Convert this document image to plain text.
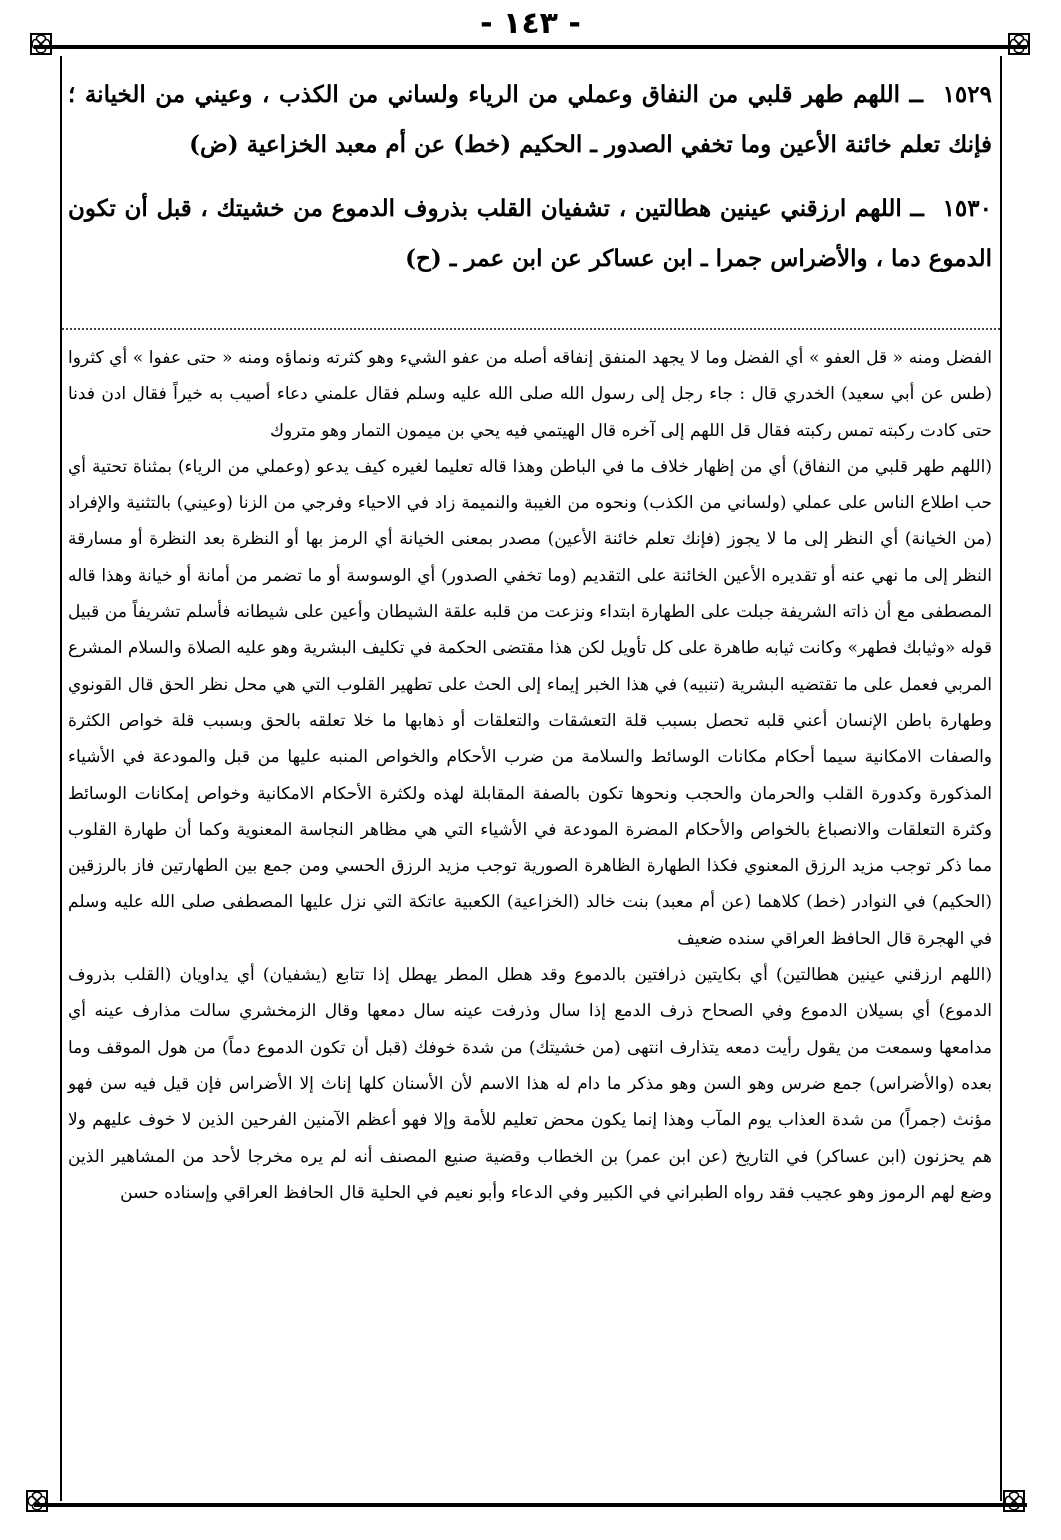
- ١٤٣ -

١٥٢٩ ــ اللهم طهر قلبي من النفاق وعملي من الرياء ولساني من الكذب ، وعيني من الخيانة ؛ فإنك تعلم خائنة الأعين وما تخفي الصدور ـ الحكيم (خط) عن أم معبد الخزاعية (ض)

١٥٣٠ ــ اللهم ارزقني عينين هطالتين ، تشفيان القلب بذروف الدموع من خشيتك ، قبل أن تكون الدموع دما ، والأضراس جمرا ـ ابن عساكر عن ابن عمر ـ (ح)

الفضل ومنه « قل العفو » أي الفضل وما لا يجهد المنفق إنفاقه أصله من عفو الشيء وهو كثرته ونماؤه ومنه « حتى عفوا » أي كثروا (طس عن أبي سعيد) الخدري قال : جاء رجل إلى رسول الله صلى الله عليه وسلم فقال علمني دعاء أصيب به خيراً فقال ادن فدنا حتى كادت ركبته تمس ركبته فقال قل اللهم إلى آخره قال الهيتمي فيه يحي بن ميمون التمار وهو متروك

(اللهم طهر قلبي من النفاق) أي من إظهار خلاف ما في الباطن وهذا قاله تعليما لغيره كيف يدعو (وعملي من الرياء) بمثناة تحتية أي حب اطلاع الناس على عملي (ولساني من الكذب) ونحوه من الغيبة والنميمة زاد في الاحياء وفرجي من الزنا (وعيني) بالتثنية والإفراد (من الخيانة) أي النظر إلى ما لا يجوز (فإنك تعلم خائنة الأعين) مصدر بمعنى الخيانة أي الرمز بها أو النظرة بعد النظرة أو مسارقة النظر إلى ما نهي عنه أو تقديره الأعين الخائنة على التقديم (وما تخفي الصدور) أي الوسوسة أو ما تضمر من أمانة أو خيانة وهذا قاله المصطفى مع أن ذاته الشريفة جبلت على الطهارة ابتداء ونزعت من قلبه علقة الشيطان وأعين على شيطانه فأسلم تشريفاً من قبيل قوله «وثيابك فطهر» وكانت ثيابه طاهرة على كل تأويل لكن هذا مقتضى الحكمة في تكليف البشرية وهو عليه الصلاة والسلام المشرع المربي فعمل على ما تقتضيه البشرية (تنبيه) في هذا الخبر إيماء إلى الحث على تطهير القلوب التي هي محل نظر الحق قال القونوي وطهارة باطن الإنسان أعني قلبه تحصل بسبب قلة التعشقات والتعلقات أو ذهابها ما خلا تعلقه بالحق وبسبب قلة خواص الكثرة والصفات الامكانية سيما أحكام مكانات الوسائط والسلامة من ضرب الأحكام والخواص المنبه عليها من قبل والمودعة في الأشياء المذكورة وكدورة القلب والحرمان والحجب ونحوها تكون بالصفة المقابلة لهذه ولكثرة الأحكام الامكانية وخواص إمكانات الوسائط وكثرة التعلقات والانصباغ بالخواص والأحكام المضرة المودعة في الأشياء التي هي مظاهر النجاسة المعنوية وكما أن طهارة القلوب مما ذكر توجب مزيد الرزق المعنوي فكذا الطهارة الظاهرة الصورية توجب مزيد الرزق الحسي ومن جمع بين الطهارتين فاز بالرزقين (الحكيم) في النوادر (خط) كلاهما (عن أم معبد) بنت خالد (الخزاعية) الكعبية عاتكة التي نزل عليها المصطفى صلى الله عليه وسلم في الهجرة قال الحافظ العراقي سنده ضعيف

(اللهم ارزقني عينين هطالتين) أي بكايتين ذرافتين بالدموع وقد هطل المطر يهطل إذا تتابع (يشفيان) أي يداويان (القلب بذروف الدموع) أي بسيلان الدموع وفي الصحاح ذرف الدمع إذا سال وذرفت عينه سال دمعها وقال الزمخشري سالت مذارف عينه أي مدامعها وسمعت من يقول رأيت دمعه يتذارف انتهى (من خشيتك) من شدة خوفك (قبل أن تكون الدموع دماً) من هول الموقف وما بعده (والأضراس) جمع ضرس وهو السن وهو مذكر ما دام له هذا الاسم لأن الأسنان كلها إناث إلا الأضراس فإن قيل فيه سن فهو مؤنث (جمراً) من شدة العذاب يوم المآب وهذا إنما يكون محض تعليم للأمة وإلا فهو أعظم الآمنين الفرحين الذين لا خوف عليهم ولا هم يحزنون (ابن عساكر) في التاريخ (عن ابن عمر) بن الخطاب وقضية صنيع المصنف أنه لم يره مخرجا لأحد من المشاهير الذين وضع لهم الرموز وهو عجيب فقد رواه الطبراني في الكبير وفي الدعاء وأبو نعيم في الحلية قال الحافظ العراقي وإسناده حسن
